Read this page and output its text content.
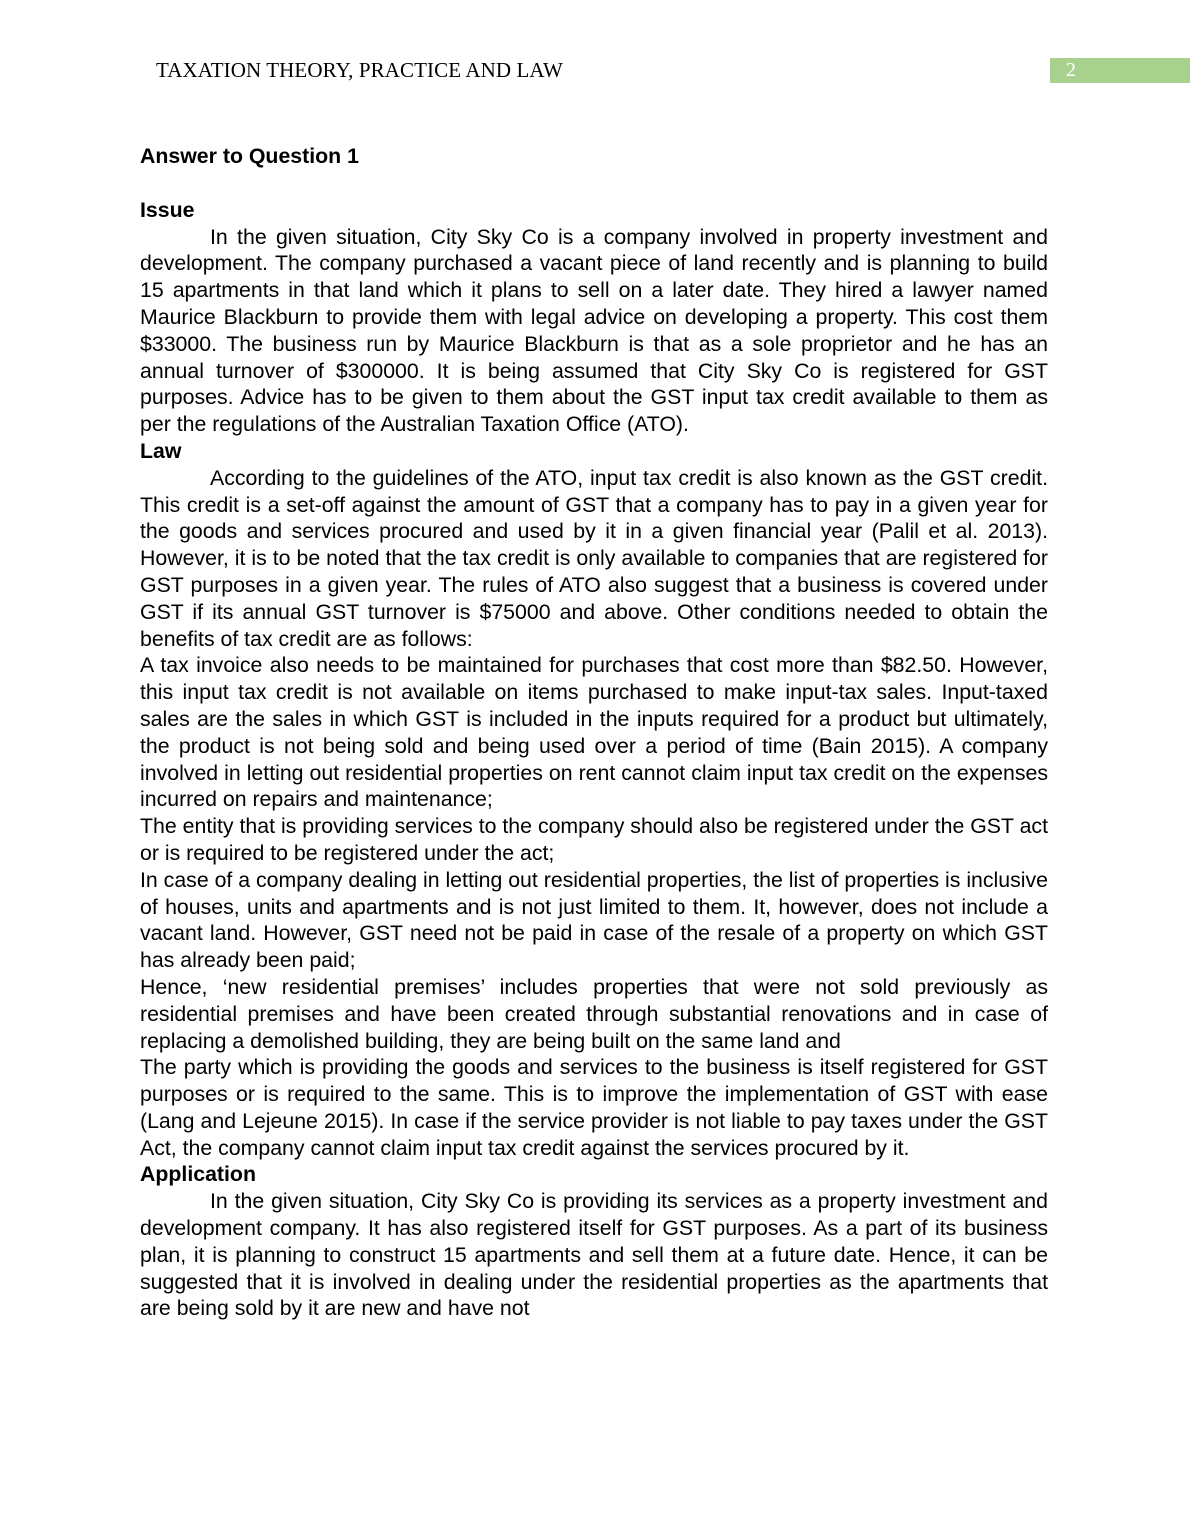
TAXATION THEORY, PRACTICE AND LAW	2
Answer to Question 1
Issue

In the given situation, City Sky Co is a company involved in property investment and development. The company purchased a vacant piece of land recently and is planning to build 15 apartments in that land which it plans to sell on a later date. They hired a lawyer named Maurice Blackburn to provide them with legal advice on developing a property. This cost them $33000. The business run by Maurice Blackburn is that as a sole proprietor and he has an annual turnover of $300000. It is being assumed that City Sky Co is registered for GST purposes. Advice has to be given to them about the GST input tax credit available to them as per the regulations of the Australian Taxation Office (ATO).

Law

According to the guidelines of the ATO, input tax credit is also known as the GST credit. This credit is a set-off against the amount of GST that a company has to pay in a given year for the goods and services procured and used by it in a given financial year (Palil et al. 2013). However, it is to be noted that the tax credit is only available to companies that are registered for GST purposes in a given year. The rules of ATO also suggest that a business is covered under GST if its annual GST turnover is $75000 and above. Other conditions needed to obtain the benefits of tax credit are as follows:

A tax invoice also needs to be maintained for purchases that cost more than $82.50. However, this input tax credit is not available on items purchased to make input-tax sales. Input-taxed sales are the sales in which GST is included in the inputs required for a product but ultimately, the product is not being sold and being used over a period of time (Bain 2015). A company involved in letting out residential properties on rent cannot claim input tax credit on the expenses incurred on repairs and maintenance;

The entity that is providing services to the company should also be registered under the GST act or is required to be registered under the act;

In case of a company dealing in letting out residential properties, the list of properties is inclusive of houses, units and apartments and is not just limited to them. It, however, does not include a vacant land. However, GST need not be paid in case of the resale of a property on which GST has already been paid;

Hence, ‘new residential premises’ includes properties that were not sold previously as residential premises and have been created through substantial renovations and in case of replacing a demolished building, they are being built on the same land and

The party which is providing the goods and services to the business is itself registered for GST purposes or is required to the same. This is to improve the implementation of GST with ease (Lang and Lejeune 2015). In case if the service provider is not liable to pay taxes under the GST Act, the company cannot claim input tax credit against the services procured by it.

Application

In the given situation, City Sky Co is providing its services as a property investment and development company. It has also registered itself for GST purposes. As a part of its business plan, it is planning to construct 15 apartments and sell them at a future date. Hence, it can be suggested that it is involved in dealing under the residential properties as the apartments that are being sold by it are new and have not
